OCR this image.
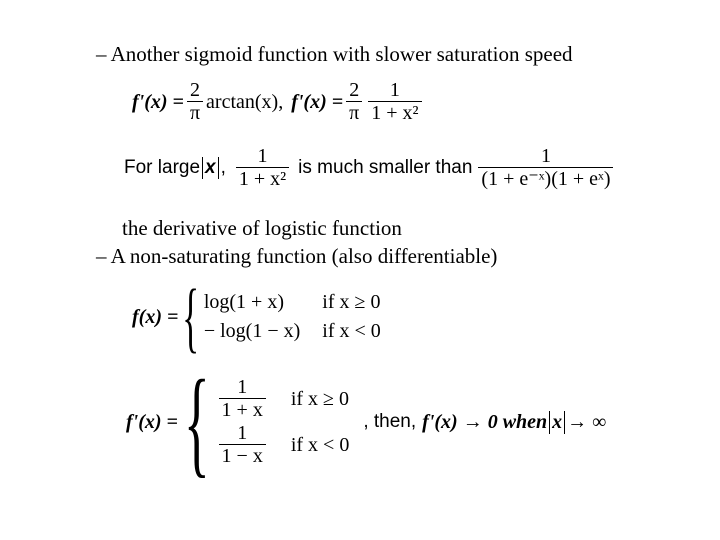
– Another sigmoid function with slower saturation speed
$f'(x) = \frac{2}{\pi} \arctan(x)$, $f'(x) = \frac{2}{\pi} \frac{1}{\text{1 + x²}}$
For large x , $\frac{1}{\text{1 + x²}}$ is much smaller than $\frac{1}{\text{(1 + e⁻ˣ)(1 + eˣ)}}$
the derivative of logistic function
– A non-saturating function (also differentiable)
f(x) = { log(1 + x)	if x ≥ 0
− log(1 − x) if x < 0
f'(x) = { $\frac{1}{1 + x}$ if x ≥ 0
$\frac{1}{1 - x}$ if x < 0
, then, f'(x) → 0 when x → ∞
